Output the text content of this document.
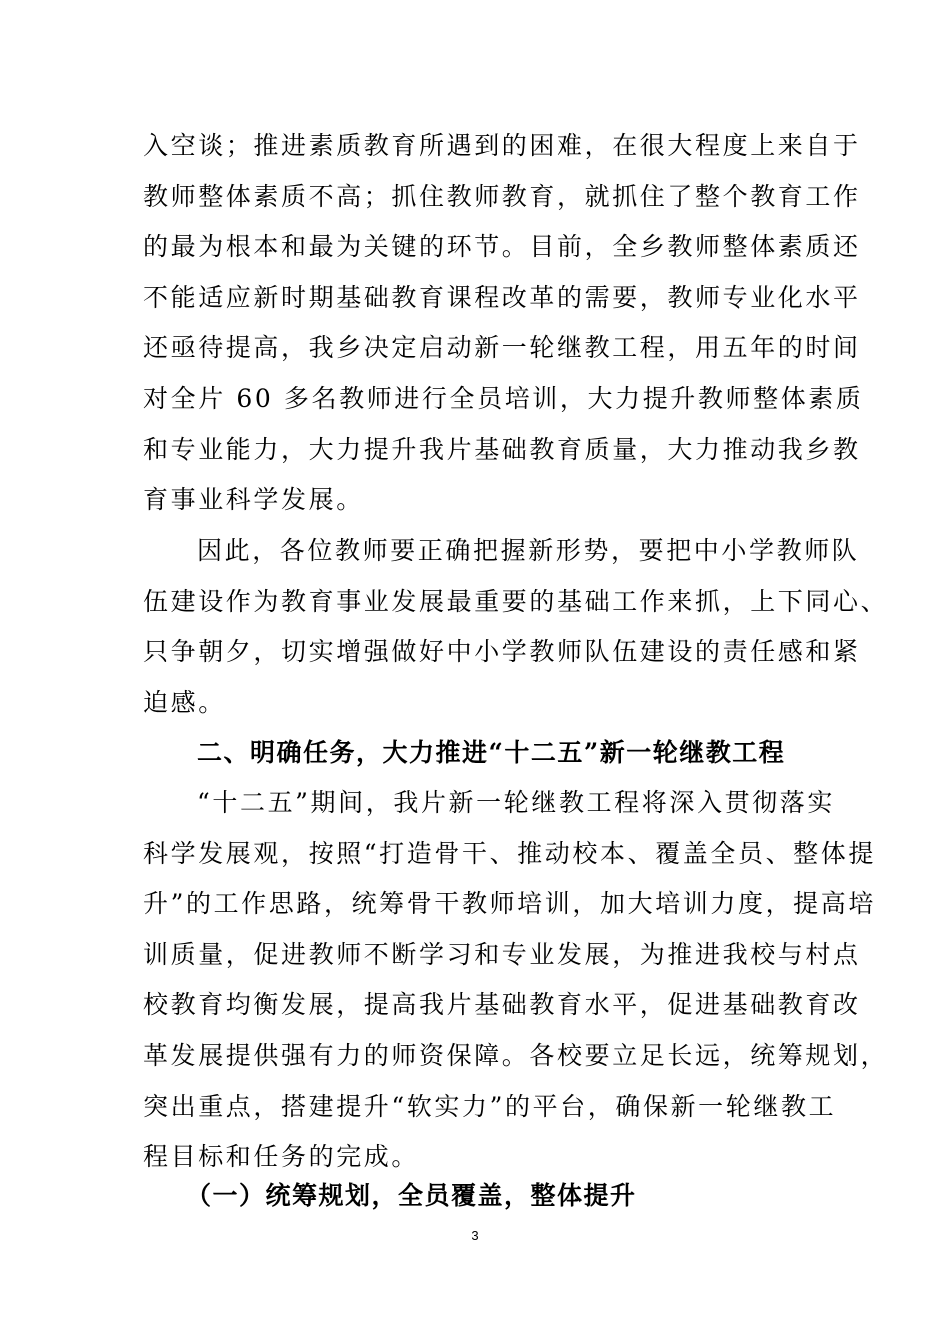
入空谈；推进素质教育所遇到的困难，在很大程度上来自于
教师整体素质不高；抓住教师教育，就抓住了整个教育工作
的最为根本和最为关键的环节。目前，全乡教师整体素质还
不能适应新时期基础教育课程改革的需要，教师专业化水平
还亟待提高，我乡决定启动新一轮继教工程，用五年的时间
对全片 60 多名教师进行全员培训，大力提升教师整体素质
和专业能力，大力提升我片基础教育质量，大力推动我乡教
育事业科学发展。
因此，各位教师要正确把握新形势，要把中小学教师队
伍建设作为教育事业发展最重要的基础工作来抓，上下同心、
只争朝夕，切实增强做好中小学教师队伍建设的责任感和紧
迫感。
二、明确任务，大力推进“十二五”新一轮继教工程
“十二五”期间，我片新一轮继教工程将深入贯彻落实
科学发展观，按照“打造骨干、推动校本、覆盖全员、整体提
升”的工作思路，统筹骨干教师培训，加大培训力度，提高培
训质量，促进教师不断学习和专业发展，为推进我校与村点
校教育均衡发展，提高我片基础教育水平，促进基础教育改
革发展提供强有力的师资保障。各校要立足长远，统筹规划，
突出重点，搭建提升“软实力”的平台，确保新一轮继教工
程目标和任务的完成。
（一）统筹规划，全员覆盖，整体提升
3
